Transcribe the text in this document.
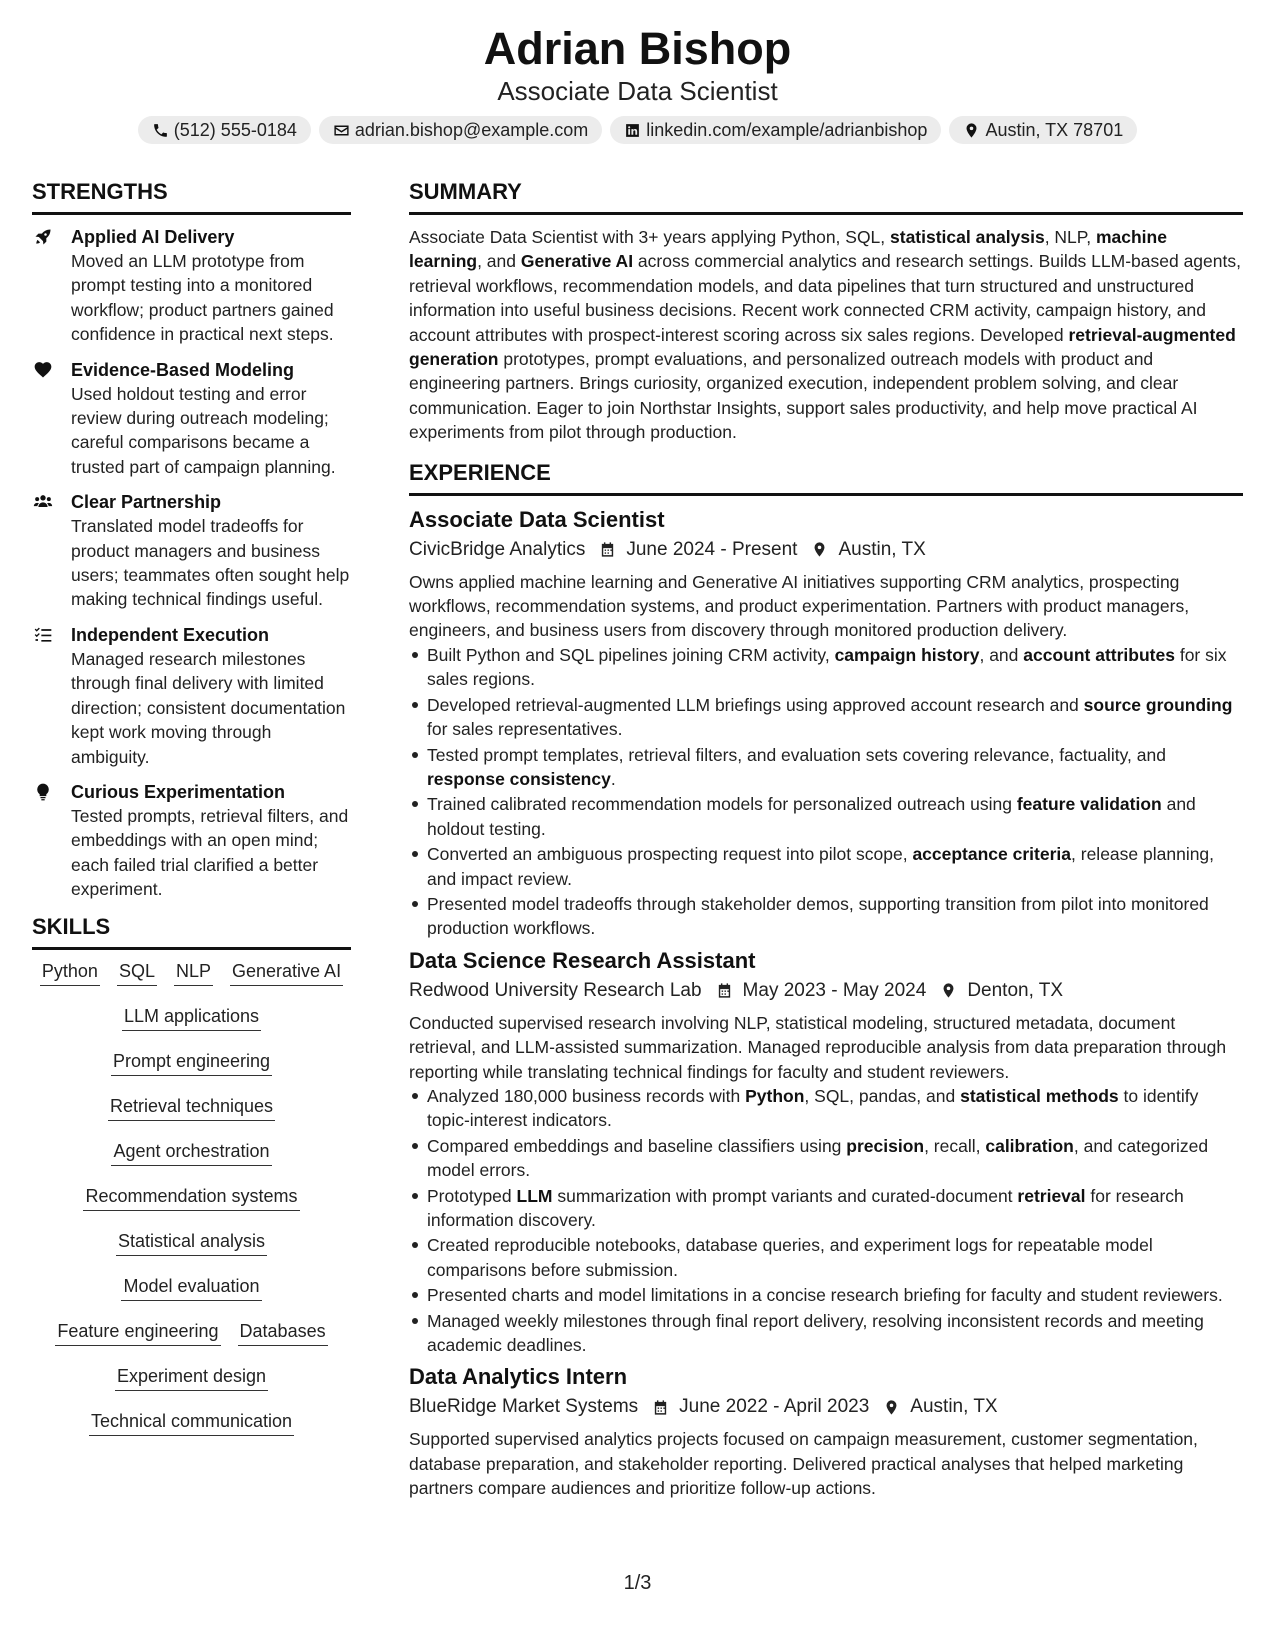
Adrian Bishop
Associate Data Scientist
(512) 555-0184	adrian.bishop@example.com	linkedin.com/example/adrianbishop	Austin, TX 78701
STRENGTHS
Applied AI Delivery
Moved an LLM prototype from prompt testing into a monitored workflow; product partners gained confidence in practical next steps.
Evidence-Based Modeling
Used holdout testing and error review during outreach modeling; careful comparisons became a trusted part of campaign planning.
Clear Partnership
Translated model tradeoffs for product managers and business users; teammates often sought help making technical findings useful.
Independent Execution
Managed research milestones through final delivery with limited direction; consistent documentation kept work moving through ambiguity.
Curious Experimentation
Tested prompts, retrieval filters, and embeddings with an open mind; each failed trial clarified a better experiment.
SKILLS
Python SQL NLP Generative AI
LLM applications
Prompt engineering
Retrieval techniques
Agent orchestration
Recommendation systems
Statistical analysis
Model evaluation
Feature engineering Databases
Experiment design
Technical communication
SUMMARY

Associate Data Scientist with 3+ years applying Python, SQL, statistical analysis, NLP, machine learning, and Generative AI across commercial analytics and research settings. Builds LLM-based agents, retrieval workflows, recommendation models, and data pipelines that turn structured and unstructured information into useful business decisions. Recent work connected CRM activity, campaign history, and account attributes with prospect-interest scoring across six sales regions. Developed retrieval-augmented generation prototypes, prompt evaluations, and personalized outreach models with product and engineering partners. Brings curiosity, organized execution, independent problem solving, and clear communication. Eager to join Northstar Insights, support sales productivity, and help move practical AI experiments from pilot through production.

EXPERIENCE
Associate Data Scientist
CivicBridge Analytics June 2024 - Present Austin, TX
Owns applied machine learning and Generative AI initiatives supporting CRM analytics, prospecting workflows, recommendation systems, and product experimentation. Partners with product managers, engineers, and business users from discovery through monitored production delivery.
Built Python and SQL pipelines joining CRM activity, campaign history, and account attributes for six sales regions.
Developed retrieval-augmented LLM briefings using approved account research and source grounding for sales representatives.
Tested prompt templates, retrieval filters, and evaluation sets covering relevance, factuality, and response consistency.
Trained calibrated recommendation models for personalized outreach using feature validation and holdout testing.
Converted an ambiguous prospecting request into pilot scope, acceptance criteria, release planning, and impact review.
Presented model tradeoffs through stakeholder demos, supporting transition from pilot into monitored production workflows.
Data Science Research Assistant
Redwood University Research Lab May 2023 - May 2024 Denton, TX
Conducted supervised research involving NLP, statistical modeling, structured metadata, document retrieval, and LLM-assisted summarization. Managed reproducible analysis from data preparation through reporting while translating technical findings for faculty and student reviewers.
Analyzed 180,000 business records with Python, SQL, pandas, and statistical methods to identify topic-interest indicators.
Compared embeddings and baseline classifiers using precision, recall, calibration, and categorized model errors.
Prototyped LLM summarization with prompt variants and curated-document retrieval for research information discovery.
Created reproducible notebooks, database queries, and experiment logs for repeatable model comparisons before submission.
Presented charts and model limitations in a concise research briefing for faculty and student reviewers.
Managed weekly milestones through final report delivery, resolving inconsistent records and meeting academic deadlines.
Data Analytics Intern
BlueRidge Market Systems June 2022 - April 2023 Austin, TX
Supported supervised analytics projects focused on campaign measurement, customer segmentation, database preparation, and stakeholder reporting. Delivered practical analyses that helped marketing partners compare audiences and prioritize follow-up actions.
1/3
